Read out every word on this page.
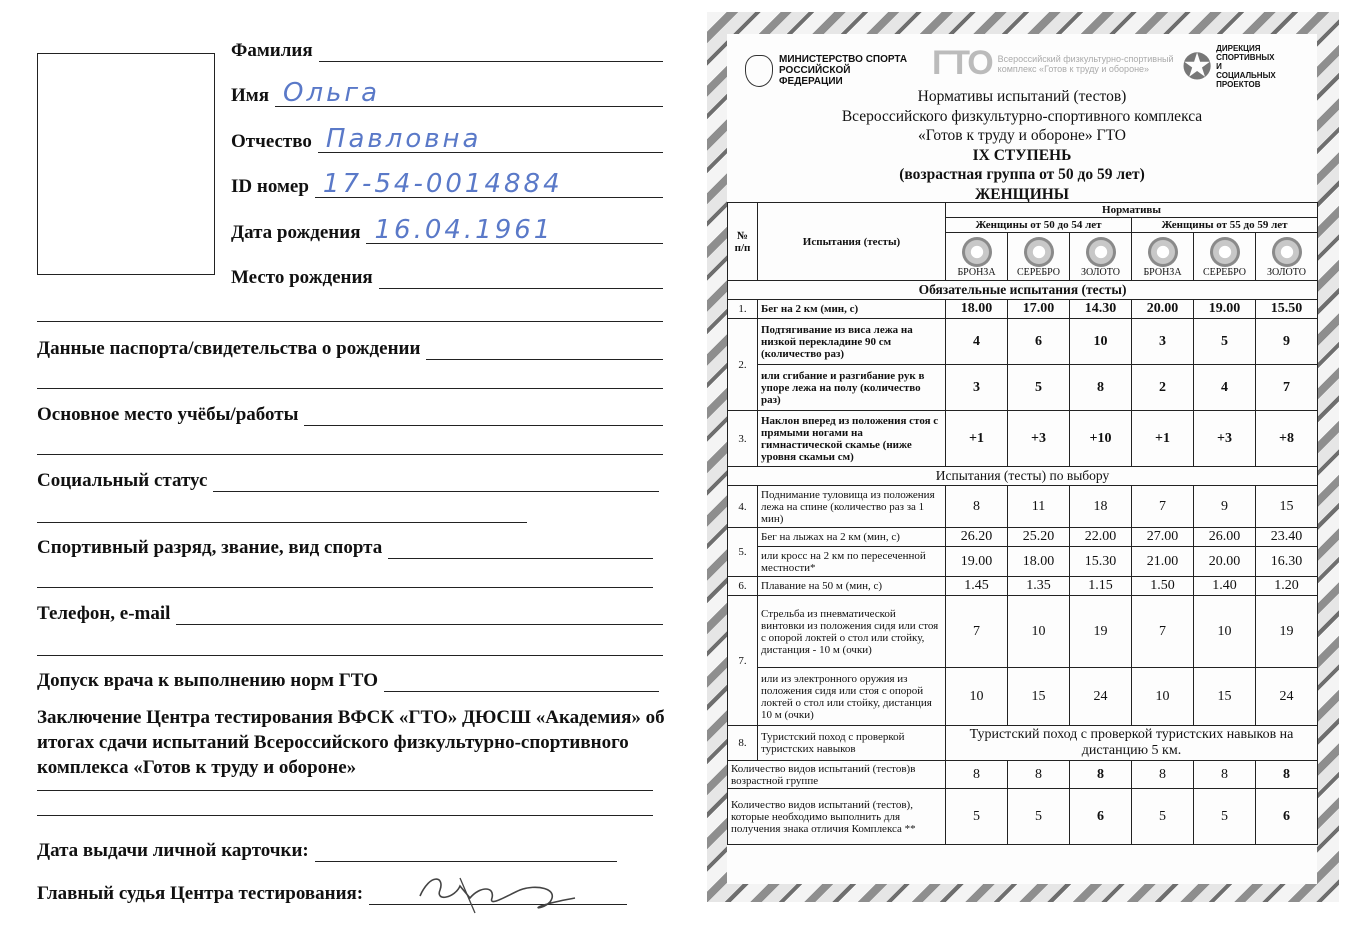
Фамилия
Имя Ольга
Отчество Павловна
ID номер 17-54-0014884
Дата рождения 16.04.1961
Место рождения
Данные паспорта/свидетельства о рождении
Основное место учёбы/работы
Социальный статус
Спортивный разряд, звание, вид спорта
Телефон, e-mail
Допуск врача к выполнению норм ГТО
Заключение Центра тестирования ВФСК «ГТО» ДЮСШ «Академия» об итогах сдачи испытаний Всероссийского физкультурно-спортивного комплекса «Готов к труду и обороне»
Дата выдачи личной карточки:
Главный судья Центра тестирования:
МИНИСТЕРСТВО СПОРТА РОССИЙСКОЙ ФЕДЕРАЦИИ	ГТО Всероссийский физкультурно-спортивный комплекс «Готов к труду и обороне» ✪ ДИРЕКЦИЯ СПОРТИВНЫХ И СОЦИАЛЬНЫХ ПРОЕКТОВ
Нормативы испытаний (тестов)
Всероссийского физкультурно-спортивного комплекса
«Готов к труду и обороне» ГТО
IX СТУПЕНЬ
(возрастная группа от 50 до 59 лет)
ЖЕНЩИНЫ
№ п/п	Испытания (тесты)	Нормативы					
		Женщины от 50 до 54 лет			Женщины от 55 до 59 лет		

		БРОНЗА	СЕРЕБРО	ЗОЛОТО	БРОНЗА	СЕРЕБРО	ЗОЛОТО

Обязательные испытания (тесты)							
1.	Бег на 2 км (мин, с)	18.00	17.00	14.30	20.00	19.00	15.50
2.	Подтягивание из виса лежа на низкой перекладине 90 см (количество раз)	4	6	10	3	5	9
	или сгибание и разгибание рук в упоре лежа на полу (количество раз)	3	5	8	2	4	7
3.	Наклон вперед из положения стоя с прямыми ногами на гимнастической скамье (ниже уровня скамьи см)	+1	+3	+10	+1	+3	+8
Испытания (тесты) по выбору							
4.	Поднимание туловища из положения лежа на спине (количество раз за 1 мин)	8	11	18	7	9	15
5.	Бег на лыжах на 2 км (мин, с)	26.20	25.20	22.00	27.00	26.00	23.40
	или кросс на 2 км по пересеченной местности*	19.00	18.00	15.30	21.00	20.00	16.30
6.	Плавание на 50 м (мин, с)	1.45	1.35	1.15	1.50	1.40	1.20
7.	Стрельба из пневматической винтовки из положения сидя или стоя с опорой локтей о стол или стойку, дистанция - 10 м (очки)	7	10	19	7	10	19
	или из электронного оружия из положения сидя или стоя с опорой локтей о стол или стойку, дистанция 10 м (очки)	10	15	24	10	15	24
8.	Туристский поход с проверкой туристских навыков	Туристский поход с проверкой туристских навыков на дистанцию 5 км.					
Количество видов испытаний (тестов)в возрастной группе		8	8	8	8	8	8
Количество видов испытаний (тестов), которые необходимо выполнить для получения знака отличия Комплекса **		5	5	6	5	5	6
